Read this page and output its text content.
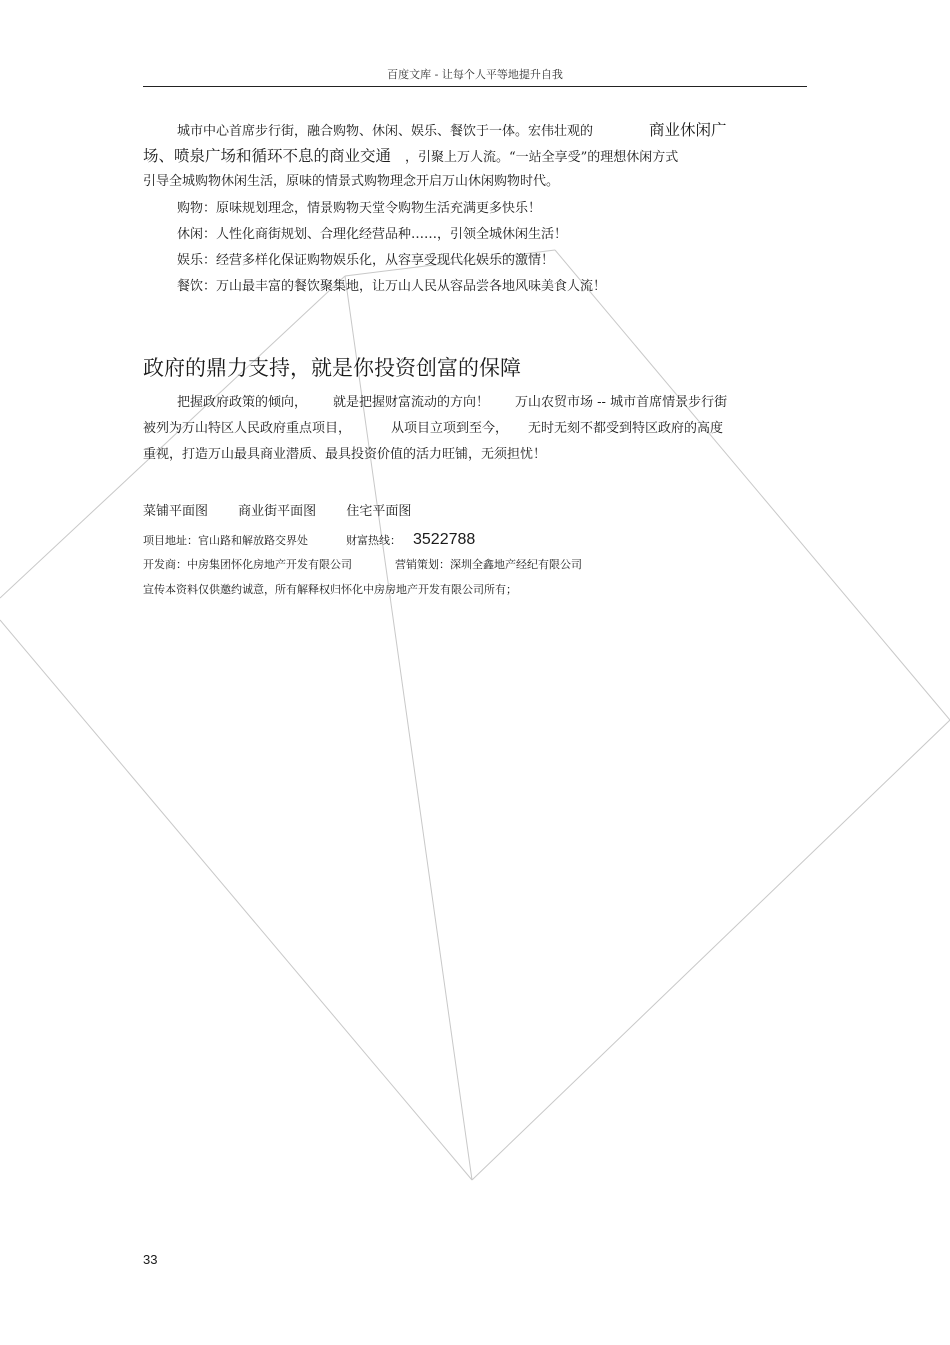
百度文库 - 让每个人平等地提升自我

城市中心首席步行街，融合购物、休闲、娱乐、餐饮于一体。宏伟壮观的	商业休闲广

场、喷泉广场和循环不息的商业交通 ，引聚上万人流。“一站全享受”的理想休闲方式

引导全城购物休闲生活，原味的情景式购物理念开启万山休闲购物时代。

购物：原味规划理念，情景购物天堂令购物生活充满更多快乐！

休闲：人性化商街规划、合理化经营品种……，引领全城休闲生活！

娱乐：经营多样化保证购物娱乐化，从容享受现代化娱乐的激情！

餐饮：万山最丰富的餐饮聚集地，让万山人民从容品尝各地风味美食人流！

政府的鼎力支持，就是你投资创富的保障
把握政府政策的倾向， 就是把握财富流动的方向！ 万山农贸市场 -- 城市首席情景步行街
被列为万山特区人民政府重点项目，	从项目立项到至今， 无时无刻不都受到特区政府的高度
重视，打造万山最具商业潜质、最具投资价值的活力旺铺，无须担忧！
菜铺平面图 商业街平面图 住宅平面图
项目地址：官山路和解放路交界处	财富热线： 3522788
开发商：中房集团怀化房地产开发有限公司	营销策划：深圳全鑫地产经纪有限公司
宣传本资料仅供邀约诚意，所有解释权归怀化中房房地产开发有限公司所有；
33
